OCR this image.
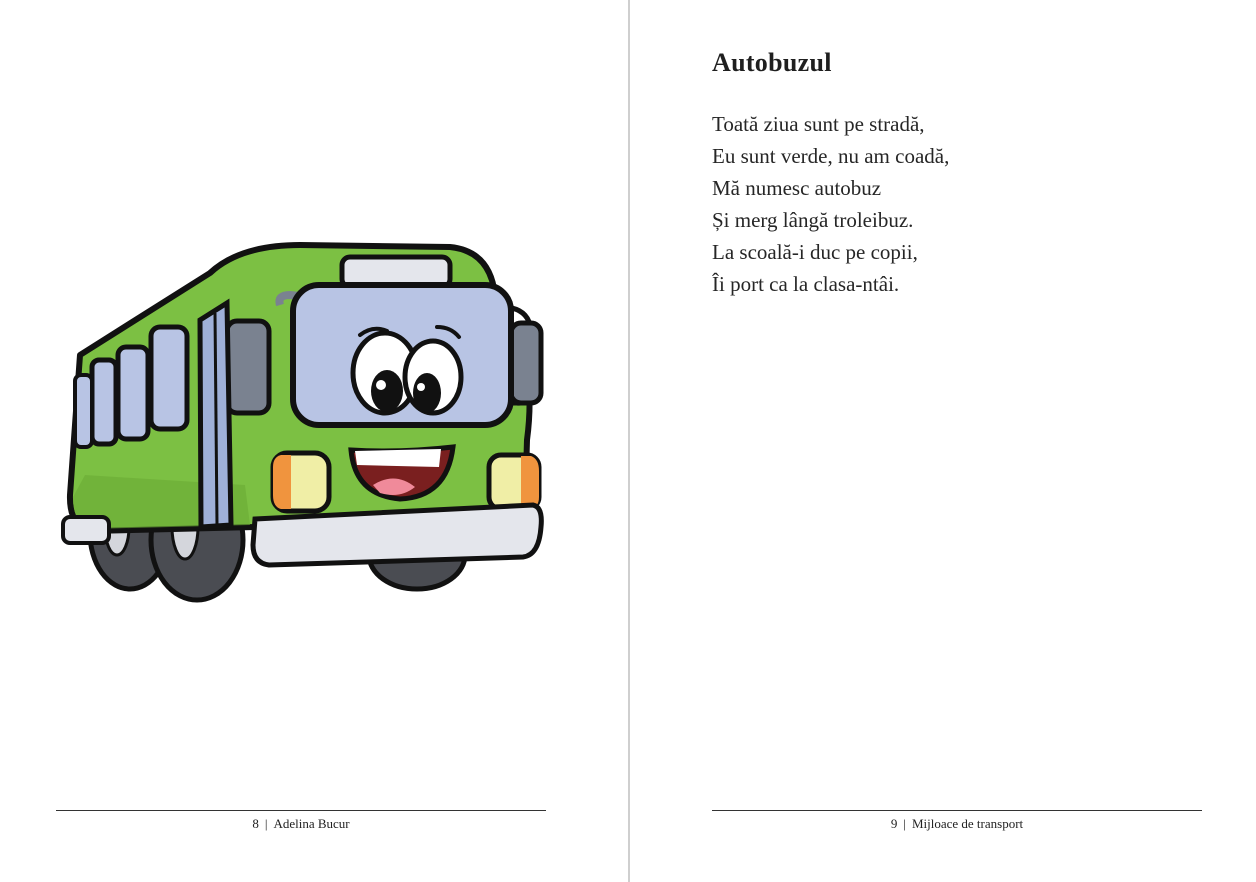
8 | Adelina Bucur
Autobuzul
Toată ziua sunt pe stradă,
Eu sunt verde, nu am coadă,
Mă numesc autobuz
Și merg lângă troleibuz.
La scoală-i duc pe copii,
Îi port ca la clasa-ntâi.
9 | Mijloace de transport
